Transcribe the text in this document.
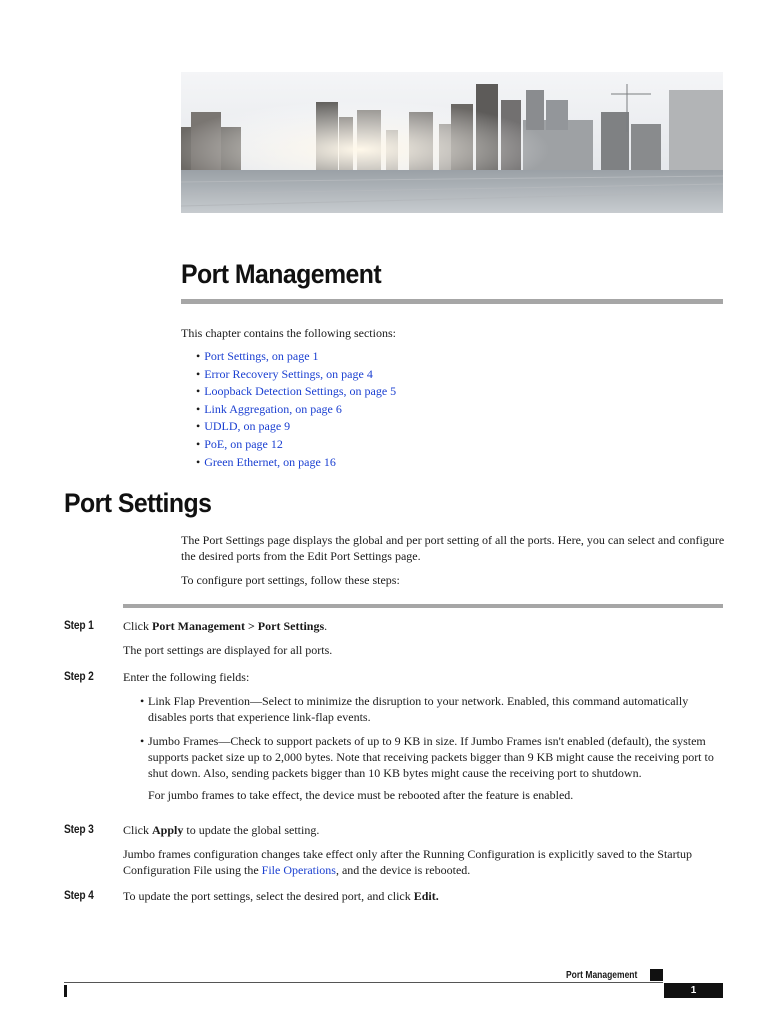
Port Management

This chapter contains the following sections:

• Port Settings, on page 1
• Error Recovery Settings, on page 4
• Loopback Detection Settings, on page 5
• Link Aggregation, on page 6
• UDLD, on page 9
• PoE, on page 12
• Green Ethernet, on page 16
Port Settings

The Port Settings page displays the global and per port setting of all the ports. Here, you can select and configure the desired ports from the Edit Port Settings page.

To configure port settings, follow these steps:

Step 1 Click Port Management > Port Settings.

The port settings are displayed for all ports.

Step 2 Enter the following fields:

• Link Flap Prevention—Select to minimize the disruption to your network. Enabled, this command automatically disables ports that experience link-flap events.
• Jumbo Frames—Check to support packets of up to 9 KB in size. If Jumbo Frames isn't enabled (default), the system supports packet size up to 2,000 bytes. Note that receiving packets bigger than 9 KB might cause the receiving port to shut down. Also, sending packets bigger than 10 KB bytes might cause the receiving port to shutdown.

For jumbo frames to take effect, the device must be rebooted after the feature is enabled.

Step 3 Click Apply to update the global setting.

Jumbo frames configuration changes take effect only after the Running Configuration is explicitly saved to the Startup Configuration File using the File Operations, and the device is rebooted.

Step 4 To update the port settings, select the desired port, and click Edit.

Port Management
1
